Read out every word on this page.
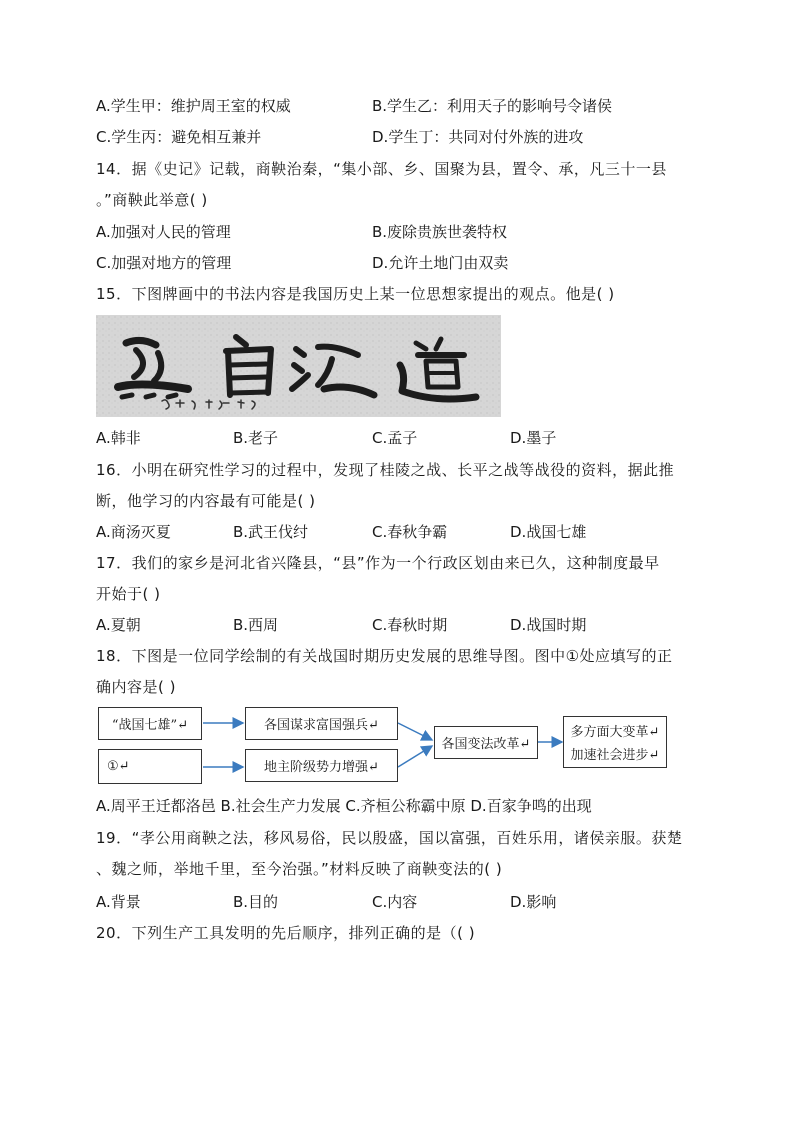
A.学生甲：维护周王室的权威	B.学生乙：利用天子的影响号令诸侯
C.学生丙：避免相互兼并	D.学生丁：共同对付外族的进攻
14．据《史记》记载，商鞅治秦，“集小部、乡、国聚为县，置令、承，凡三十一县
。”商鞅此举意( )
A.加强对人民的管理	B.废除贵族世袭特权
C.加强对地方的管理	D.允许土地门由双卖
15．下图牌画中的书法内容是我国历史上某一位思想家提出的观点。他是( )
A.韩非	B.老子	C.孟子	D.墨子
16．小明在研究性学习的过程中，发现了桂陵之战、长平之战等战役的资料，据此推
断，他学习的内容最有可能是( )
A.商汤灭夏	B.武王伐纣	C.春秋争霸	D.战国七雄
17．我们的家乡是河北省兴隆县，“县”作为一个行政区划由来已久，这种制度最早
开始于( )
A.夏朝	B.西周	C.春秋时期	D.战国时期
18．下图是一位同学绘制的有关战国时期历史发展的思维导图。图中①处应填写的正
确内容是( )
“战国七雄”↵
①↵
各国谋求富国强兵↵
地主阶级势力增强↵
各国变法改革↵
多方面大变革↵
加速社会进步↵
A.周平王迁都洛邑 B.社会生产力发展 C.齐桓公称霸中原 D.百家争鸣的出现
19．“孝公用商鞅之法，移风易俗，民以殷盛，国以富强，百姓乐用，诸侯亲服。获楚
、魏之师，举地千里，至今治强。”材料反映了商鞅变法的( )
A.背景	B.目的	C.内容	D.影响
20．下列生产工具发明的先后顺序，排列正确的是（( )
